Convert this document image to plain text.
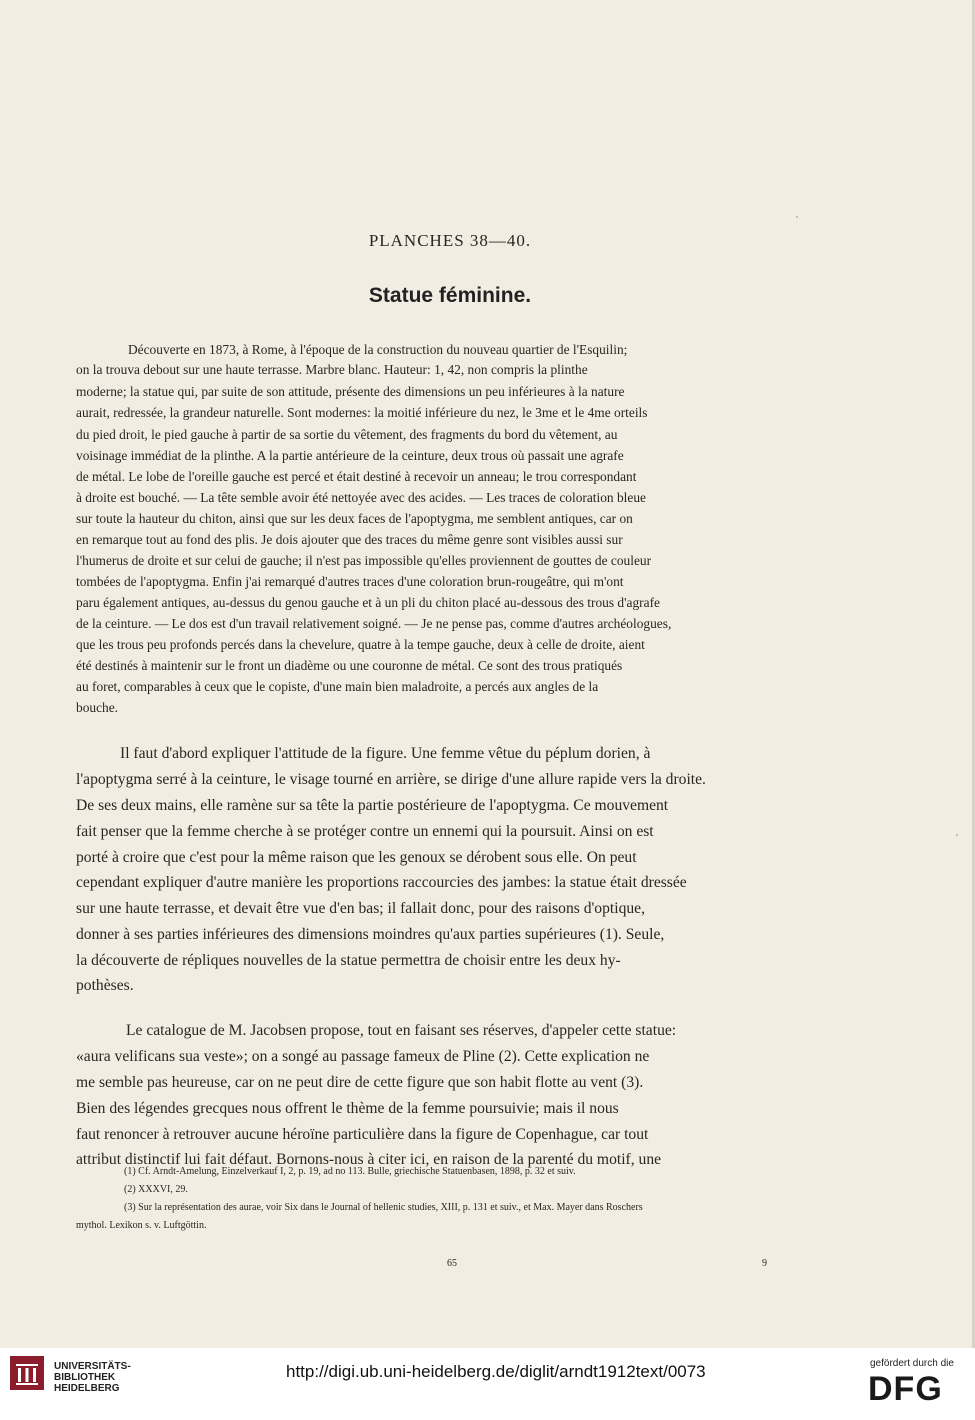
PLANCHES 38—40.
Statue féminine.
Découverte en 1873, à Rome, à l'époque de la construction du nouveau quartier de l'Esquilin;
on la trouva debout sur une haute terrasse. Marbre blanc. Hauteur: 1, 42, non compris la plinthe
moderne; la statue qui, par suite de son attitude, présente des dimensions un peu inférieures à la nature
aurait, redressée, la grandeur naturelle. Sont modernes: la moitié inférieure du nez, le 3me et le 4me orteils
du pied droit, le pied gauche à partir de sa sortie du vêtement, des fragments du bord du vêtement, au
voisinage immédiat de la plinthe. A la partie antérieure de la ceinture, deux trous où passait une agrafe
de métal. Le lobe de l'oreille gauche est percé et était destiné à recevoir un anneau; le trou correspondant
à droite est bouché. — La tête semble avoir été nettoyée avec des acides. — Les traces de coloration bleue
sur toute la hauteur du chiton, ainsi que sur les deux faces de l'apoptygma, me semblent antiques, car on
en remarque tout au fond des plis. Je dois ajouter que des traces du même genre sont visibles aussi sur
l'humerus de droite et sur celui de gauche; il n'est pas impossible qu'elles proviennent de gouttes de couleur
tombées de l'apoptygma. Enfin j'ai remarqué d'autres traces d'une coloration brun-rougeâtre, qui m'ont
paru également antiques, au-dessus du genou gauche et à un pli du chiton placé au-dessous des trous d'agrafe
de la ceinture. — Le dos est d'un travail relativement soigné. — Je ne pense pas, comme d'autres archéologues,
que les trous peu profonds percés dans la chevelure, quatre à la tempe gauche, deux à celle de droite, aient
été destinés à maintenir sur le front un diadème ou une couronne de métal. Ce sont des trous pratiqués
au foret, comparables à ceux que le copiste, d'une main bien maladroite, a percés aux angles de la
bouche.
Il faut d'abord expliquer l'attitude de la figure. Une femme vêtue du péplum dorien, à
l'apoptygma serré à la ceinture, le visage tourné en arrière, se dirige d'une allure rapide vers la droite.
De ses deux mains, elle ramène sur sa tête la partie postérieure de l'apoptygma. Ce mouvement
fait penser que la femme cherche à se protéger contre un ennemi qui la poursuit. Ainsi on est
porté à croire que c'est pour la même raison que les genoux se dérobent sous elle. On peut
cependant expliquer d'autre manière les proportions raccourcies des jambes: la statue était dressée
sur une haute terrasse, et devait être vue d'en bas; il fallait donc, pour des raisons d'optique,
donner à ses parties inférieures des dimensions moindres qu'aux parties supérieures (1). Seule,
la découverte de répliques nouvelles de la statue permettra de choisir entre les deux hy-
pothèses.
Le catalogue de M. Jacobsen propose, tout en faisant ses réserves, d'appeler cette statue:
«aura velificans sua veste»; on a songé au passage fameux de Pline (2). Cette explication ne
me semble pas heureuse, car on ne peut dire de cette figure que son habit flotte au vent (3).
Bien des légendes grecques nous offrent le thème de la femme poursuivie; mais il nous
faut renoncer à retrouver aucune héroïne particulière dans la figure de Copenhague, car tout
attribut distinctif lui fait défaut. Bornons-nous à citer ici, en raison de la parenté du motif, une
(1) Cf. Arndt-Amelung, Einzelverkauf I, 2, p. 19, ad no 113. Bulle, griechische Statuenbasen, 1898, p. 32 et suiv.
(2) XXXVI, 29.
(3) Sur la représentation des aurae, voir Six dans le Journal of hellenic studies, XIII, p. 131 et suiv., et Max. Mayer dans Roschers
mythol. Lexikon s. v. Luftgöttin.
65	9
UNIVERSITÄTS-
BIBLIOTHEK
HEIDELBERG
http://digi.ub.uni-heidelberg.de/diglit/arndt1912text/0073	gefördert durch die
DFG
